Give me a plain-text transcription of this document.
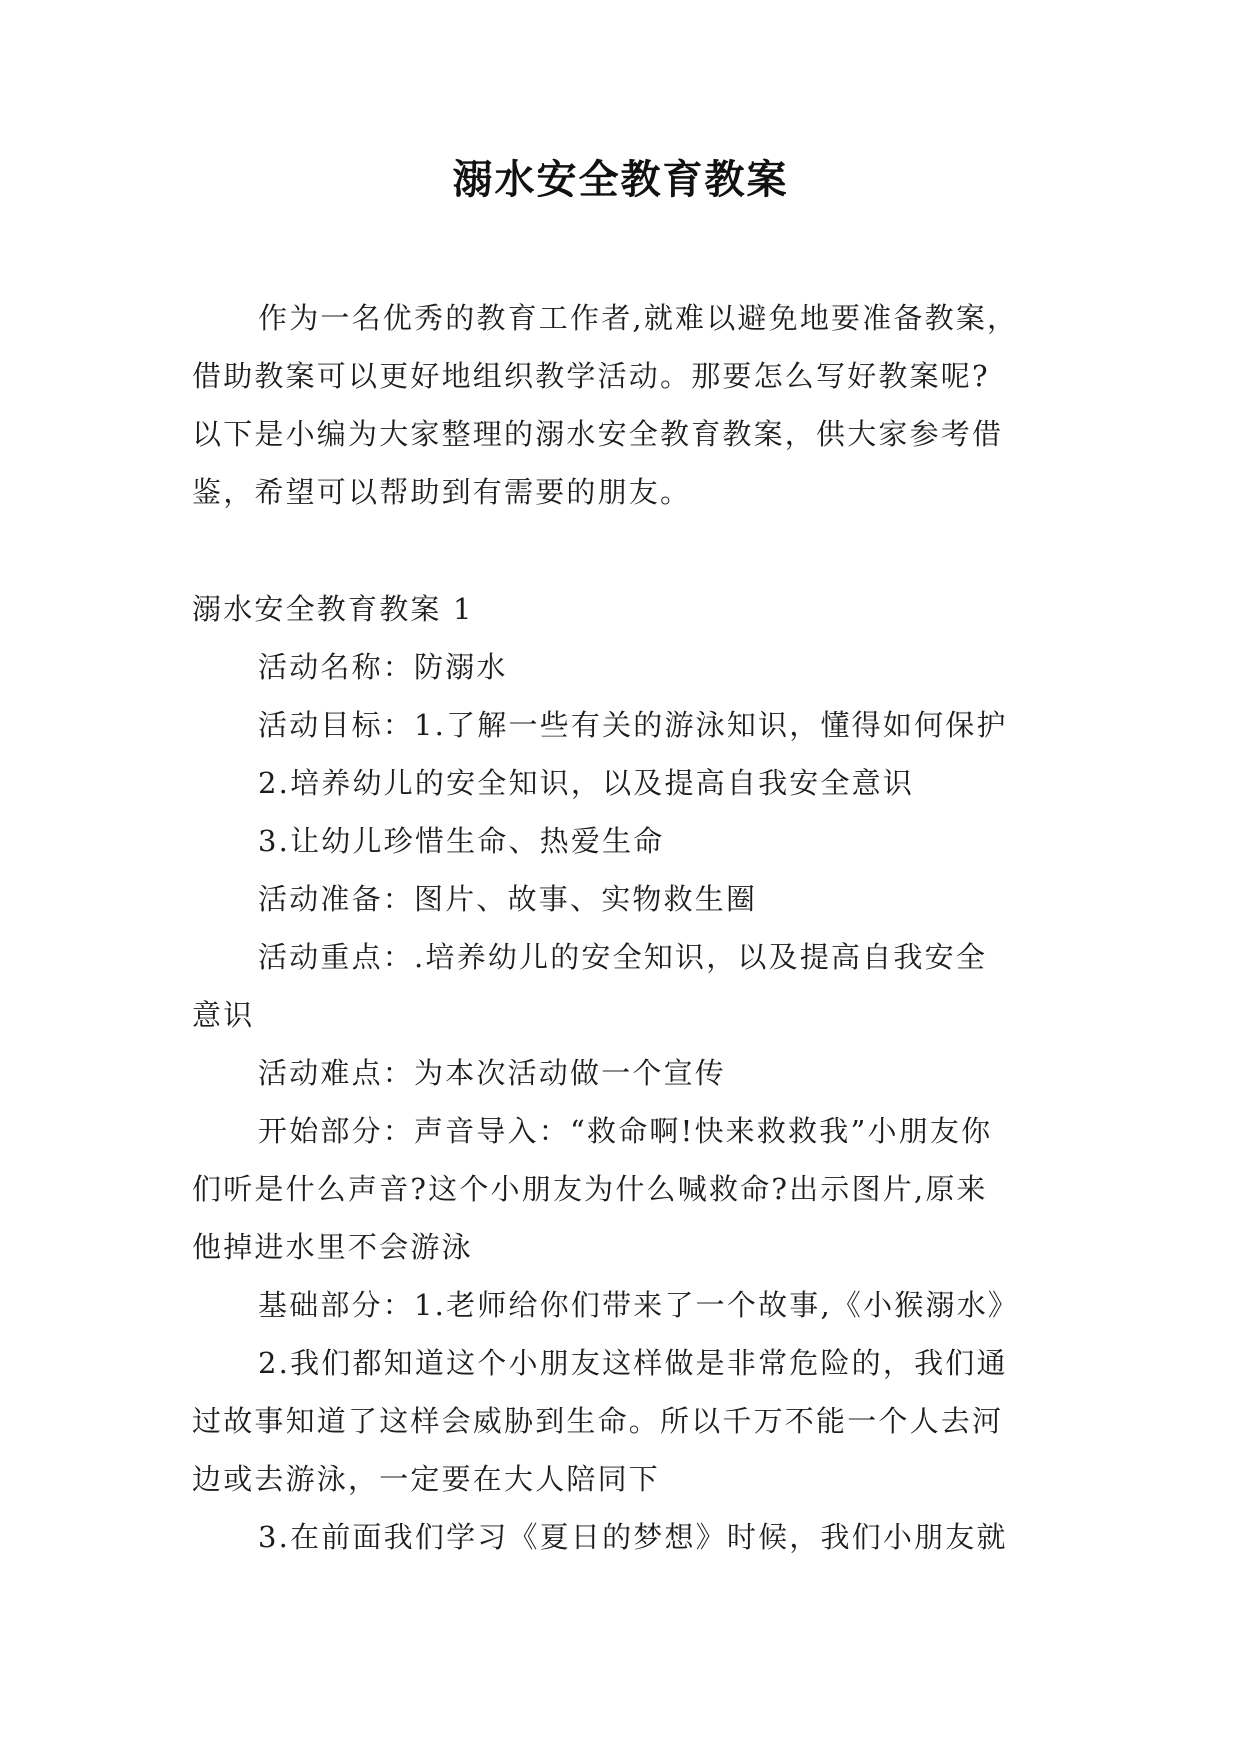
溺水安全教育教案
作为一名优秀的教育工作者,就难以避免地要准备教案，
借助教案可以更好地组织教学活动。那要怎么写好教案呢?
以下是小编为大家整理的溺水安全教育教案，供大家参考借
鉴，希望可以帮助到有需要的朋友。
溺水安全教育教案 1
活动名称：防溺水
活动目标：1.了解一些有关的游泳知识，懂得如何保护
2.培养幼儿的安全知识，以及提高自我安全意识
3.让幼儿珍惜生命、热爱生命
活动准备：图片、故事、实物救生圈
活动重点：.培养幼儿的安全知识，以及提高自我安全
意识
活动难点：为本次活动做一个宣传
开始部分：声音导入：“救命啊!快来救救我”小朋友你
们听是什么声音?这个小朋友为什么喊救命?出示图片,原来
他掉进水里不会游泳
基础部分：1.老师给你们带来了一个故事,《小猴溺水》
2.我们都知道这个小朋友这样做是非常危险的，我们通
过故事知道了这样会威胁到生命。所以千万不能一个人去河
边或去游泳，一定要在大人陪同下
3.在前面我们学习《夏日的梦想》时候，我们小朋友就
